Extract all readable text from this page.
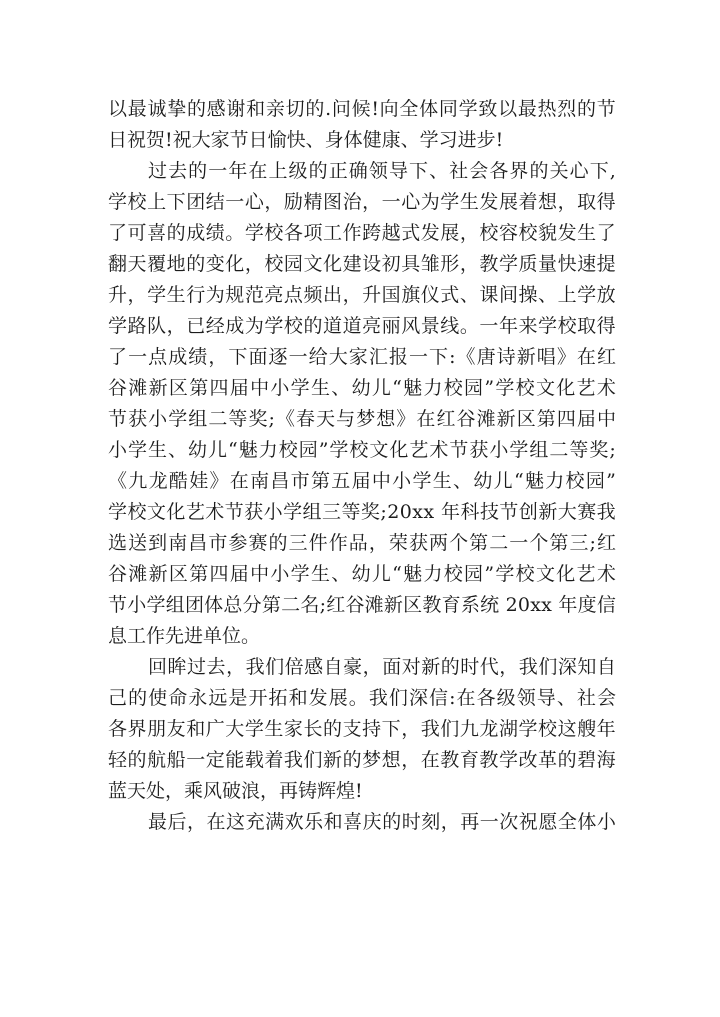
以 最 诚 挚 的 感 谢 和 亲 切 的 . 问 候 ! 向 全 体 同 学 致 以 最 热 烈 的 节
日祝贺!祝大家节日愉快、身体健康、学习进步!
过 去 的 一 年 在 上 级 的 正 确 领 导 下 、 社 会 各 界 的 关 心 下 ,
学 校 上 下 团 结 一 心 ， 励 精 图 治 ， 一 心 为 学 生 发 展 着 想 ， 取 得
了 可 喜 的 成 绩 。 学 校 各 项 工 作 跨 越 式 发 展 ， 校 容 校 貌 发 生 了
翻 天 覆 地 的 变 化 ， 校 园 文 化 建 设 初 具 雏 形 ， 教 学 质 量 快 速 提
升 ， 学 生 行 为 规 范 亮 点 频 出 ， 升 国 旗 仪 式 、 课 间 操 、 上 学 放
学 路 队 ， 已 经 成 为 学 校 的 道 道 亮 丽 风 景 线 。 一 年 来 学 校 取 得
了 一 点 成 绩 ， 下 面 逐 一 给 大 家 汇 报 一 下 : 《 唐 诗 新 唱 》 在 红
谷 滩 新 区 第 四 届 中 小 学 生 、 幼 儿 “ 魅 力 校 园 ” 学 校 文 化 艺 术
节 获 小 学 组 二 等 奖 ; 《 春 天 与 梦 想 》 在 红 谷 滩 新 区 第 四 届 中
小 学 生 、 幼 儿 “ 魅 力 校 园 ” 学 校 文 化 艺 术 节 获 小 学 组 二 等 奖 ;
《 九 龙 酷 娃 》 在 南 昌 市 第 五 届 中 小 学 生 、 幼 儿 “ 魅 力 校 园 ”
学 校 文 化 艺 术 节 获 小 学 组 三 等 奖 ; 2 0 x x
年 科 技 节 创 新 大 赛 我
选 送 到 南 昌 市 参 赛 的 三 件 作 品 ， 荣 获 两 个 第 二 一 个 第 三 ; 红
谷 滩 新 区 第 四 届 中 小 学 生 、 幼 儿 “ 魅 力 校 园 ” 学 校 文 化 艺 术
节 小 学 组 团 体 总 分 第 二 名 ; 红 谷 滩 新 区 教 育 系 统
2 0 x x
年 度 信
息工作先进单位。
回 眸 过 去 ， 我 们 倍 感 自 豪 ， 面 对 新 的 时 代 ， 我 们 深 知 自
己 的 使 命 永 远 是 开 拓 和 发 展 。 我 们 深 信 : 在 各 级 领 导 、 社 会
各 界 朋 友 和 广 大 学 生 家 长 的 支 持 下 ， 我 们 九 龙 湖 学 校 这 艘 年
轻 的 航 船 一 定 能 载 着 我 们 新 的 梦 想 ， 在 教 育 教 学 改 革 的 碧 海
蓝天处，乘风破浪，再铸辉煌!
最 后 ， 在 这 充 满 欢 乐 和 喜 庆 的 时 刻 ， 再 一 次 祝 愿 全 体 小
